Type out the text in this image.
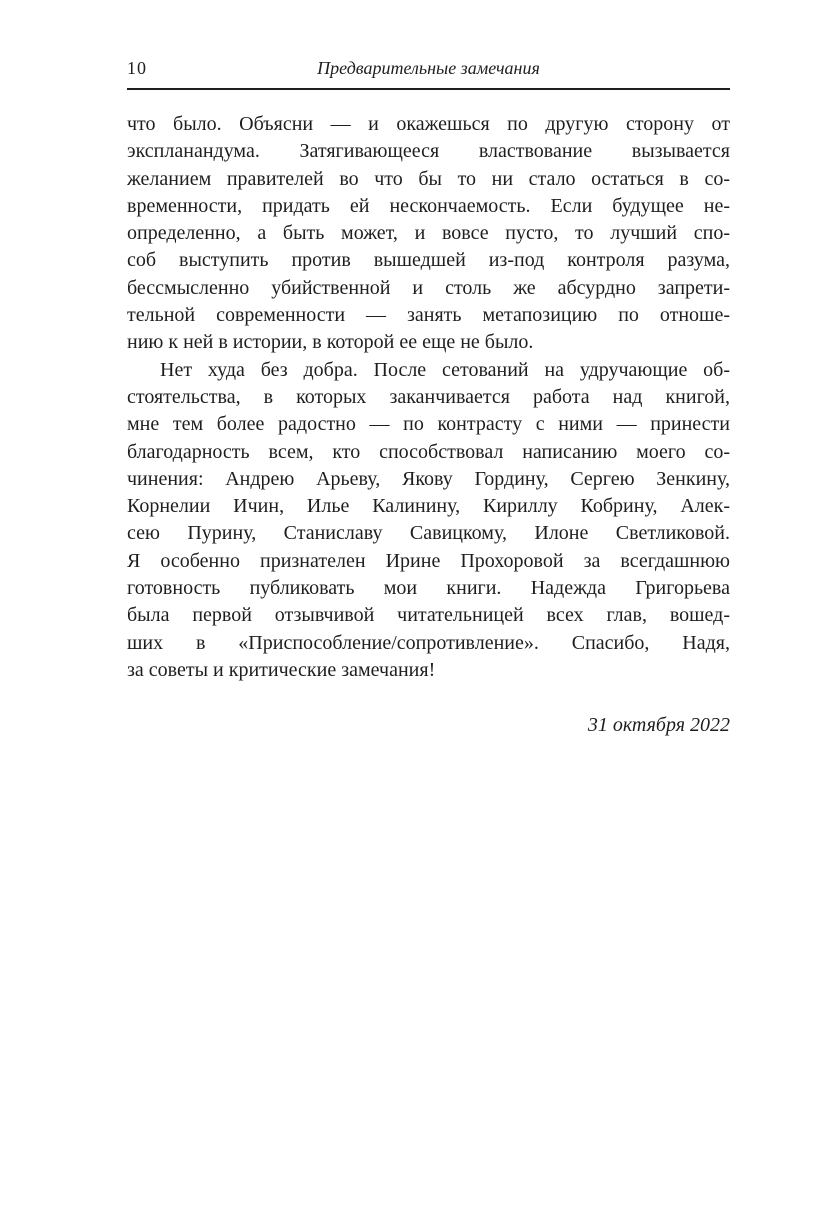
10	Предварительные замечания
что было. Объясни — и окажешься по другую сторону от
экспланандума. Затягивающееся властвование вызывается
желанием правителей во что бы то ни стало остаться в со-
временности, придать ей нескончаемость. Если будущее не-
определенно, а быть может, и вовсе пусто, то лучший спо-
соб выступить против вышедшей из-под контроля разума,
бессмысленно убийственной и столь же абсурдно запрети-
тельной современности — занять метапозицию по отноше-
нию к ней в истории, в которой ее еще не было.
Нет худа без добра. После сетований на удручающие об-
стоятельства, в которых заканчивается работа над книгой,
мне тем более радостно — по контрасту с ними — принести
благодарность всем, кто способствовал написанию моего со-
чинения: Андрею Арьеву, Якову Гордину, Сергею Зенкину,
Корнелии Ичин, Илье Калинину, Кириллу Кобрину, Алек-
сею Пурину, Станиславу Савицкому, Илоне Светликовой.
Я особенно признателен Ирине Прохоровой за всегдашнюю
готовность публиковать мои книги. Надежда Григорьева
была первой отзывчивой читательницей всех глав, вошед-
ших в «Приспособление/сопротивление». Спасибо, Надя,
за советы и критические замечания!
31 октября 2022
